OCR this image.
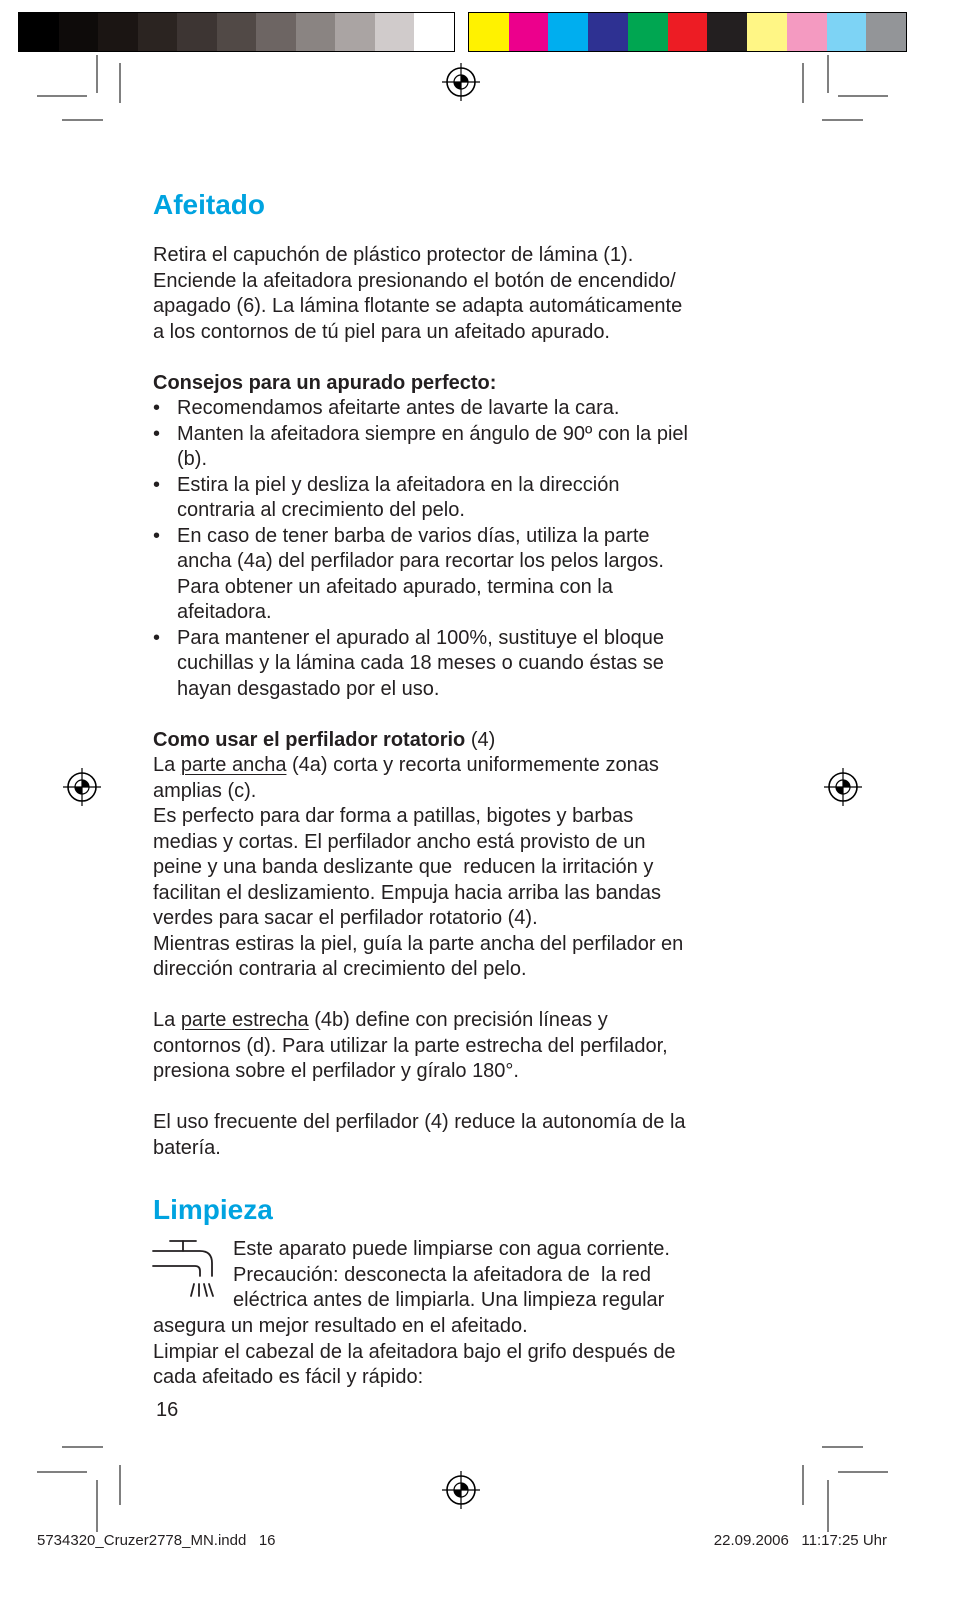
Afeitado
Retira el capuchón de plástico protector de lámina (1).
Enciende la afeitadora presionando el botón de encendido/
apagado (6). La lámina flotante se adapta automáticamente
a los contornos de tú piel para un afeitado apurado.
Consejos para un apurado perfecto:
• Recomendamos afeitarte antes de lavarte la cara.
• Manten la afeitadora siempre en ángulo de 90º con la piel
(b).
• Estira la piel y desliza la afeitadora en la dirección
contraria al crecimiento del pelo.
• En caso de tener barba de varios días, utiliza la parte
ancha (4a) del perfilador para recortar los pelos largos.
Para obtener un afeitado apurado, termina con la
afeitadora.
• Para mantener el apurado al 100%, sustituye el bloque
cuchillas y la lámina cada 18 meses o cuando éstas se
hayan desgastado por el uso.
Como usar el perfilador rotatorio (4)
La parte ancha (4a) corta y recorta uniformemente zonas
amplias (c).
Es perfecto para dar forma a patillas, bigotes y barbas
medias y cortas. El perfilador ancho está provisto de un
peine y una banda deslizante que  reducen la irritación y
facilitan el deslizamiento. Empuja hacia arriba las bandas
verdes para sacar el perfilador rotatorio (4).
Mientras estiras la piel, guía la parte ancha del perfilador en
dirección contraria al crecimiento del pelo.
La parte estrecha (4b) define con precisión líneas y
contornos (d). Para utilizar la parte estrecha del perfilador,
presiona sobre el perfilador y gíralo 180°.
El uso frecuente del perfilador (4) reduce la autonomía de la
batería.
Limpieza
Este aparato puede limpiarse con agua corriente.
Precaución: desconecta la afeitadora de  la red
eléctrica antes de limpiarla. Una limpieza regular
asegura un mejor resultado en el afeitado.
Limpiar el cabezal de la afeitadora bajo el grifo después de
cada afeitado es fácil y rápido:
16
5734320_Cruzer2778_MN.indd   16	22.09.2006   11:17:25 Uhr
